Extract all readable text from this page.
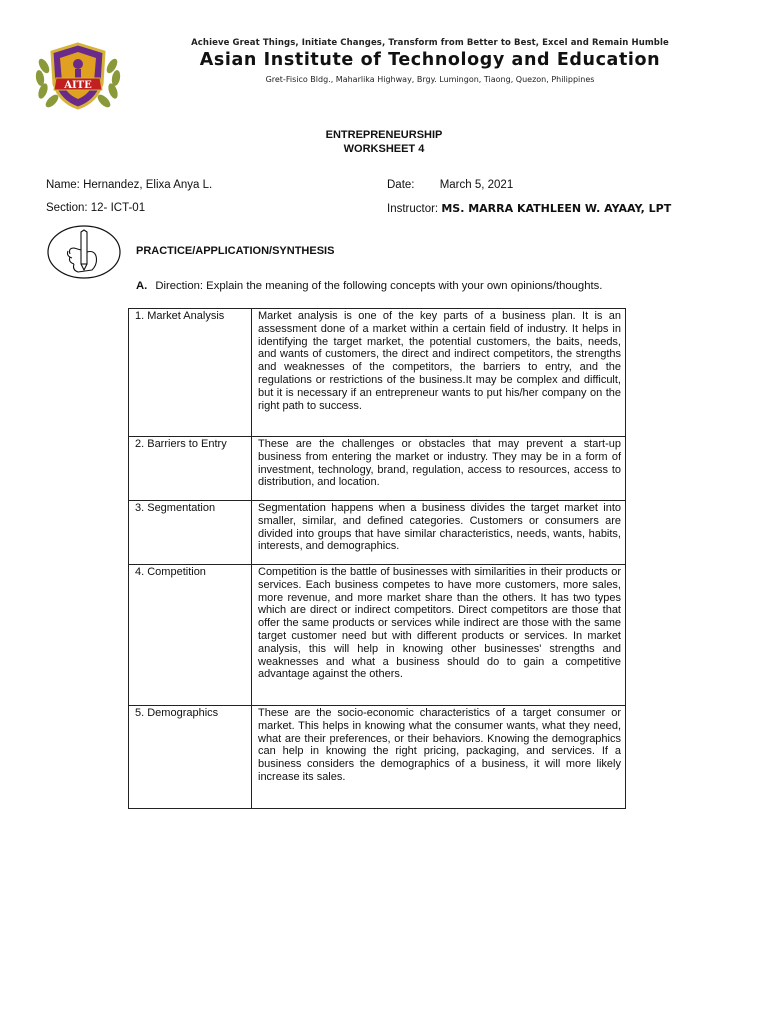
AITE
Achieve Great Things, Initiate Changes, Transform from Better to Best, Excel and Remain Humble
Asian Institute of Technology and Education
Gret-Fisico Bldg., Maharlika Highway, Brgy. Lumingon, Tiaong, Quezon, Philippines
ENTREPRENEURSHIP
WORKSHEET 4
Name: Hernandez, Elixa Anya L.	Date: March 5, 2021
Section: 12- ICT-01	Instructor: MS. MARRA KATHLEEN W. AYAAY, LPT
PRACTICE/APPLICATION/SYNTHESIS
A. Direction: Explain the meaning of the following concepts with your own opinions/thoughts.
1. Market Analysis	Market analysis is one of the key parts of a business plan. It is an assessment done of a market within a certain field of industry. It helps in identifying the target market, the potential customers, the baits, needs, and wants of customers, the direct and indirect competitors, the strengths and weaknesses of the competitors, the barriers to entry, and the regulations or restrictions of the business.It may be complex and difficult, but it is necessary if an entrepreneur wants to put his/her company on the right path to success.
2. Barriers to Entry	These are the challenges or obstacles that may prevent a start-up business from entering the market or industry. They may be in a form of investment, technology, brand, regulation, access to resources, access to distribution, and location.
3. Segmentation	Segmentation happens when a business divides the target market into smaller, similar, and defined categories. Customers or consumers are divided into groups that have similar characteristics, needs, wants, habits, interests, and demographics.
4. Competition	Competition is the battle of businesses with similarities in their products or services. Each business competes to have more customers, more sales, more revenue, and more market share than the others. It has two types which are direct or indirect competitors. Direct competitors are those that offer the same products or services while indirect are those with the same target customer need but with different products or services. In market analysis, this will help in knowing other businesses' strengths and weaknesses and what a business should do to gain a competitive advantage against the others.
5. Demographics	These are the socio-economic characteristics of a target consumer or market. This helps in knowing what the consumer wants, what they need, what are their preferences, or their behaviors. Knowing the demographics can help in knowing the right pricing, packaging, and services. If a business considers the demographics of a business, it will more likely increase its sales.
